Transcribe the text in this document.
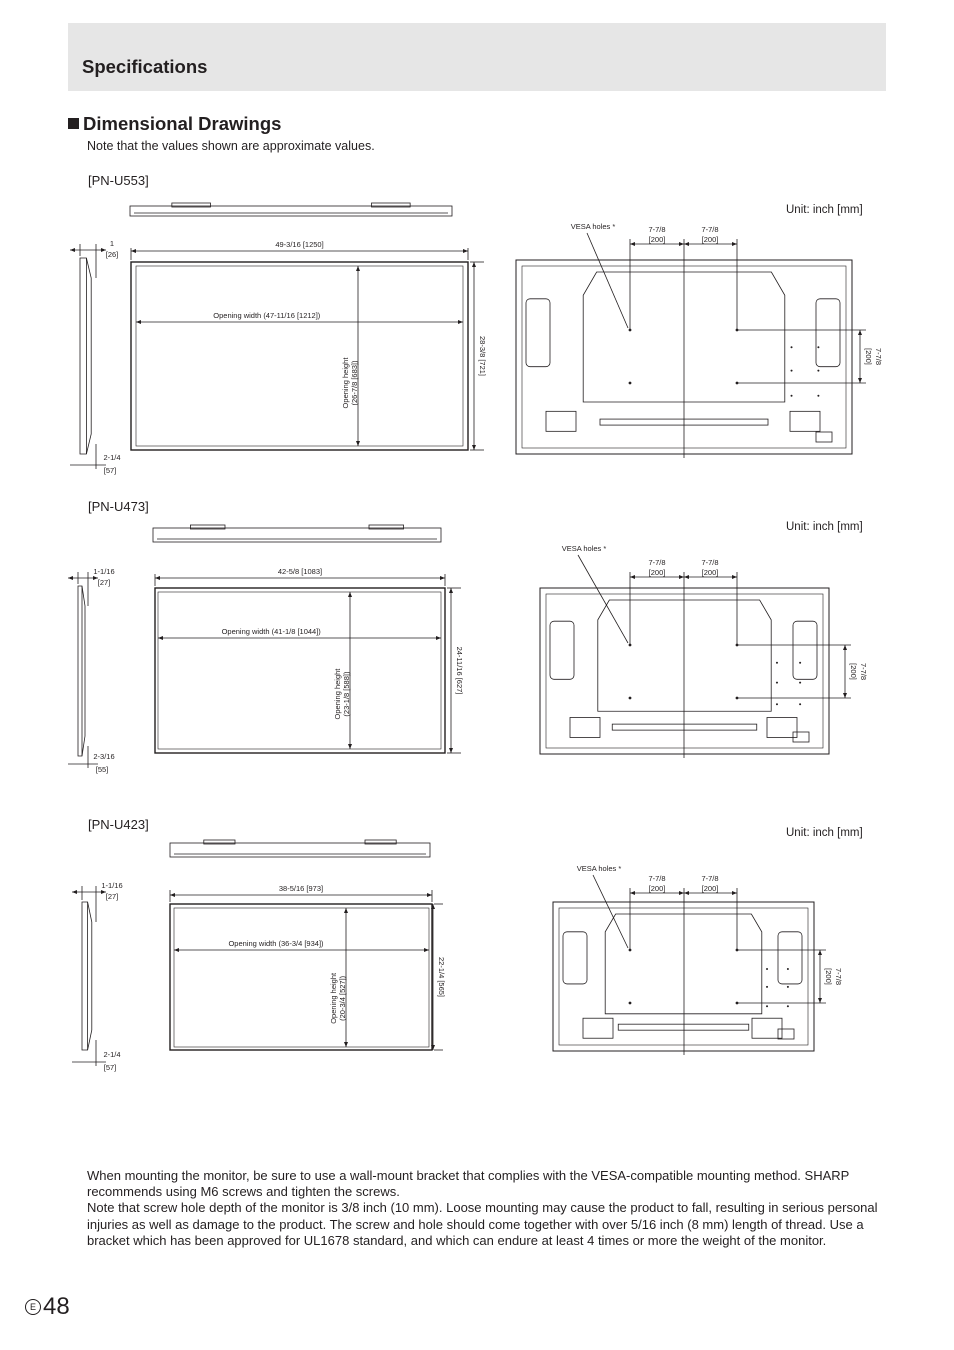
Specifications
Dimensional Drawings
Note that the values shown are approximate values.
[PN-U553]
[PN-U473]
[PN-U423]
Unit: inch [mm]
Unit: inch [mm]
Unit: inch [mm]
1
[26]
2-1/4
[57]
49-3/16 [1250]
Opening width (47-11/16 [1212])
Opening height (26-7/8 [683])
28-3/8 [721]
7-7/8
[200]
7-7/8
[200]
7-7/8
[200]
VESA holes *
1-1/16
[27]
2-3/16
[55]
42-5/8 [1083]
Opening width (41-1/8 [1044])
Opening height (23-1/8 [588])	24-11/16 [627]
7-7/8
[200]
7-7/8
[200]
7-7/8
[200]
VESA holes *
1-1/16
[27]
2-1/4
[57]
38-5/16 [973]
Opening width (36-3/4 [934])
Opening height (20-3/4 [527])	22-1/4 [565]
7-7/8
[200]
7-7/8
[200]
7-7/8
[200]
VESA holes *

When mounting the monitor, be sure to use a wall-mount bracket that complies with the VESA-compatible mounting method. SHARP recommends using M6 screws and tighten the screws.

Note that screw hole depth of the monitor is 3/8 inch (10 mm). Loose mounting may cause the product to fall, resulting in serious personal injuries as well as damage to the product. The screw and hole should come together with over 5/16 inch (8 mm) length of thread. Use a bracket which has been approved for UL1678 standard, and which can endure at least 4 times or more the weight of the monitor.

E 48
